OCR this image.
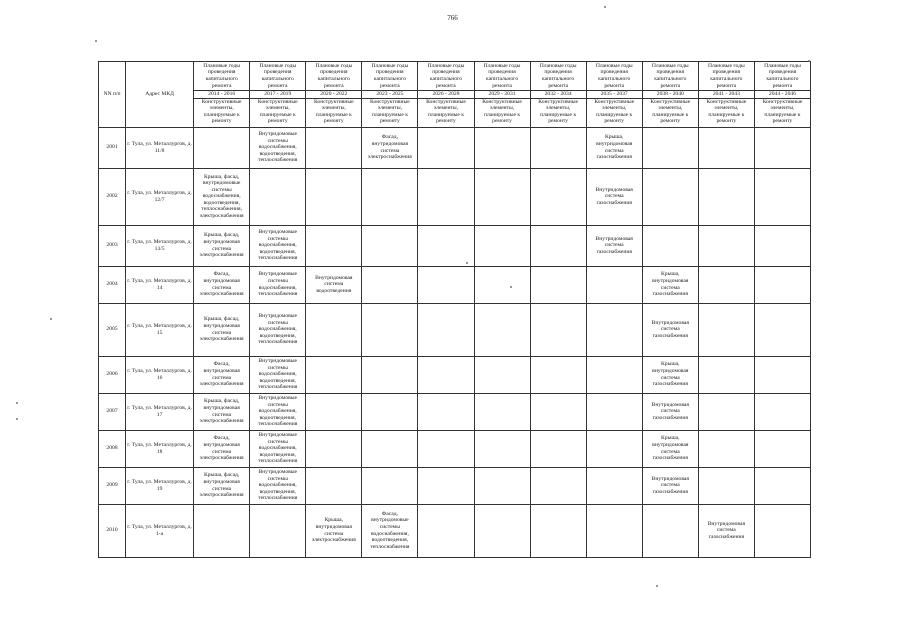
766
NN п/п	Адрес МКД	Плановые годы проведения капитального ремонта	Плановые годы проведения капитального ремонта	Плановые годы проведения капитального ремонта	Плановые годы проведения капитального ремонта	Плановые годы проведения капитального ремонта	Плановые годы проведения капитального ремонта	Плановые годы проведения капитального ремонта	Плановые годы проведения капитального ремонта	Плановые годы проведения капитального ремонта	Плановые годы проведения капитального ремонта	Плановые годы проведения капитального ремонта
		2014 - 2016	2017 - 2019	2020 - 2022	2023 - 2025	2026 - 2028	2029 - 2031	2032 - 2034	2035 - 2037	2038 - 2040	2041 - 2043	2044 - 2046
		Конструктивные элементы, планируемые к ремонту	Конструктивные элементы, планируемые к ремонту	Конструктивные элементы, планируемые к ремонту	Конструктивные элементы, планируемые к ремонту	Конструктивные элементы, планируемые к ремонту	Конструктивные элементы, планируемые к ремонту	Конструктивные элементы, планируемые к ремонту	Конструктивные элементы, планируемые к ремонту	Конструктивные элементы, планируемые к ремонту	Конструктивные элементы, планируемые к ремонту	Конструктивные элементы, планируемые к ремонту
2001	г. Тула, ул. Металлургов, д. 11/8		Внутридомовые системы водоснабжения, водоотведения, теплоснабжения		Фасад, внутридомовая система электроснабжения				Крыша, внутридомовая система газоснабжения			
2002	г. Тула, ул. Металлургов, д. 12/7	Крыша, фасад, внутридомовые системы водоснабжения, водоотведения, теплоснабжения, электроснабжения							Внутридомовая система газоснабжения			
2003	г. Тула, ул. Металлургов, д. 13/5	Крыша, фасад, внутридомовая система электроснабжения	Внутридомовые системы водоснабжения, водоотведения, теплоснабжения						Внутридомовая система газоснабжения			
2004	г. Тула, ул. Металлургов, д. 14	Фасад, внутридомовая система электроснабжения	Внутридомовые системы водоснабжения, теплоснабжения	Внутридомовая система водоотведения						Крыша, внутридомовая система газоснабжения		
2005	г. Тула, ул. Металлургов, д. 15	Крыша, фасад, внутридомовая система электроснабжения	Внутридомовые системы водоснабжения, водоотведения, теплоснабжения							Внутридомовая система газоснабжения		
2006	г. Тула, ул. Металлургов, д. 16	Фасад, внутридомовая система электроснабжения	Внутридомовые системы водоснабжения, водоотведения, теплоснабжения							Крыша, внутридомовая система газоснабжения		
2007	г. Тула, ул. Металлургов, д. 17	Крыша, фасад, внутридомовая система электроснабжения	Внутридомовые системы водоснабжения, водоотведения, теплоснабжения							Внутридомовая система газоснабжения		
2008	г. Тула, ул. Металлургов, д. 18	Фасад, внутридомовая система электроснабжения	Внутридомовые системы водоснабжения, водоотведения, теплоснабжения							Крыша, внутридомовая система газоснабжения		
2009	г. Тула, ул. Металлургов, д. 19	Крыша, фасад, внутридомовая система электроснабжения	Внутридомовые системы водоснабжения, водоотведения, теплоснабжения							Внутридомовая система газоснабжения		
2010	г. Тула, ул. Металлургов, д. 1-а			Крыша, внутридомовая система электроснабжения	Фасад, внутридомовые системы водоснабжения, водоотведения, теплоснабжения						Внутридомовая система газоснабжения	
